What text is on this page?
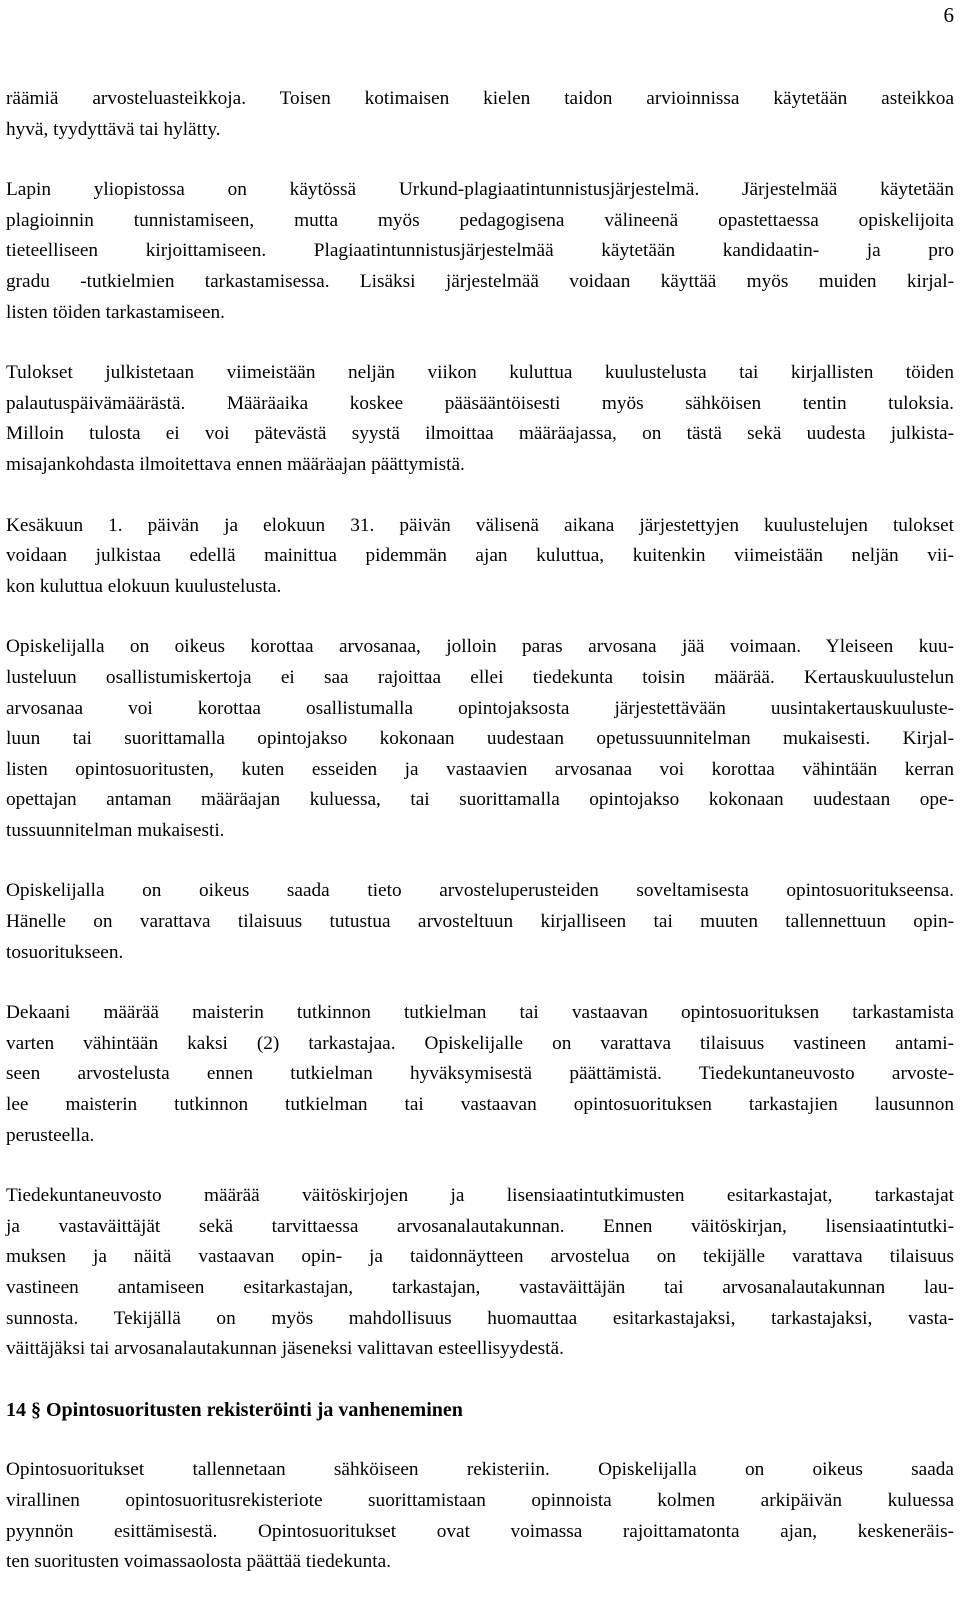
6

räämiä arvosteluasteikkoja. Toisen kotimaisen kielen taidon arvioinnissa käytetään asteikkoa
hyvä, tyydyttävä tai hylätty.

Lapin yliopistossa on käytössä Urkund-plagiaatintunnistusjärjestelmä. Järjestelmää käytetään
plagioinnin tunnistamiseen, mutta myös pedagogisena välineenä opastettaessa opiskelijoita
tieteelliseen kirjoittamiseen. Plagiaatintunnistusjärjestelmää käytetään kandidaatin- ja pro
gradu -tutkielmien tarkastamisessa. Lisäksi järjestelmää voidaan käyttää myös muiden kirjal-
listen töiden tarkastamiseen.

Tulokset julkistetaan viimeistään neljän viikon kuluttua kuulustelusta tai kirjallisten töiden
palautuspäivämäärästä. Määräaika koskee pääsääntöisesti myös sähköisen tentin tuloksia.
Milloin tulosta ei voi pätevästä syystä ilmoittaa määräajassa, on tästä sekä uudesta julkista-
misajankohdasta ilmoitettava ennen määräajan päättymistä.

Kesäkuun 1. päivän ja elokuun 31. päivän välisenä aikana järjestettyjen kuulustelujen tulokset
voidaan julkistaa edellä mainittua pidemmän ajan kuluttua, kuitenkin viimeistään neljän vii-
kon kuluttua elokuun kuulustelusta.

Opiskelijalla on oikeus korottaa arvosanaa, jolloin paras arvosana jää voimaan. Yleiseen kuu-
lusteluun osallistumiskertoja ei saa rajoittaa ellei tiedekunta toisin määrää. Kertauskuulustelun
arvosanaa voi korottaa osallistumalla opintojaksosta järjestettävään uusintakertauskuuluste-
luun tai suorittamalla opintojakso kokonaan uudestaan opetussuunnitelman mukaisesti. Kirjal-
listen opintosuoritusten, kuten esseiden ja vastaavien arvosanaa voi korottaa vähintään kerran
opettajan antaman määräajan kuluessa, tai suorittamalla opintojakso kokonaan uudestaan ope-
tussuunnitelman mukaisesti.

Opiskelijalla on oikeus saada tieto arvosteluperusteiden soveltamisesta opintosuoritukseensa.
Hänelle on varattava tilaisuus tutustua arvosteltuun kirjalliseen tai muuten tallennettuun opin-
tosuoritukseen.

Dekaani määrää maisterin tutkinnon tutkielman tai vastaavan opintosuorituksen tarkastamista
varten vähintään kaksi (2) tarkastajaa. Opiskelijalle on varattava tilaisuus vastineen antami-
seen arvostelusta ennen tutkielman hyväksymisestä päättämistä. Tiedekuntaneuvosto arvoste-
lee maisterin tutkinnon tutkielman tai vastaavan opintosuorituksen tarkastajien lausunnon
perusteella.

Tiedekuntaneuvosto määrää väitöskirjojen ja lisensiaatintutkimusten esitarkastajat, tarkastajat
ja vastaväittäjät sekä tarvittaessa arvosanalautakunnan. Ennen väitöskirjan, lisensiaatintutki-
muksen ja näitä vastaavan opin- ja taidonnäytteen arvostelua on tekijälle varattava tilaisuus
vastineen antamiseen esitarkastajan, tarkastajan, vastaväittäjän tai arvosanalautakunnan lau-
sunnosta. Tekijällä on myös mahdollisuus huomauttaa esitarkastajaksi, tarkastajaksi, vasta-
väittäjäksi tai arvosanalautakunnan jäseneksi valittavan esteellisyydestä.

14 § Opintosuoritusten rekisteröinti ja vanheneminen

Opintosuoritukset tallennetaan sähköiseen rekisteriin. Opiskelijalla on oikeus saada
virallinen opintosuoritusrekisteriote suorittamistaan opinnoista kolmen arkipäivän kuluessa
pyynnön esittämisestä. Opintosuoritukset ovat voimassa rajoittamatonta ajan, keskeneräis-
ten suoritusten voimassaolosta päättää tiedekunta.
